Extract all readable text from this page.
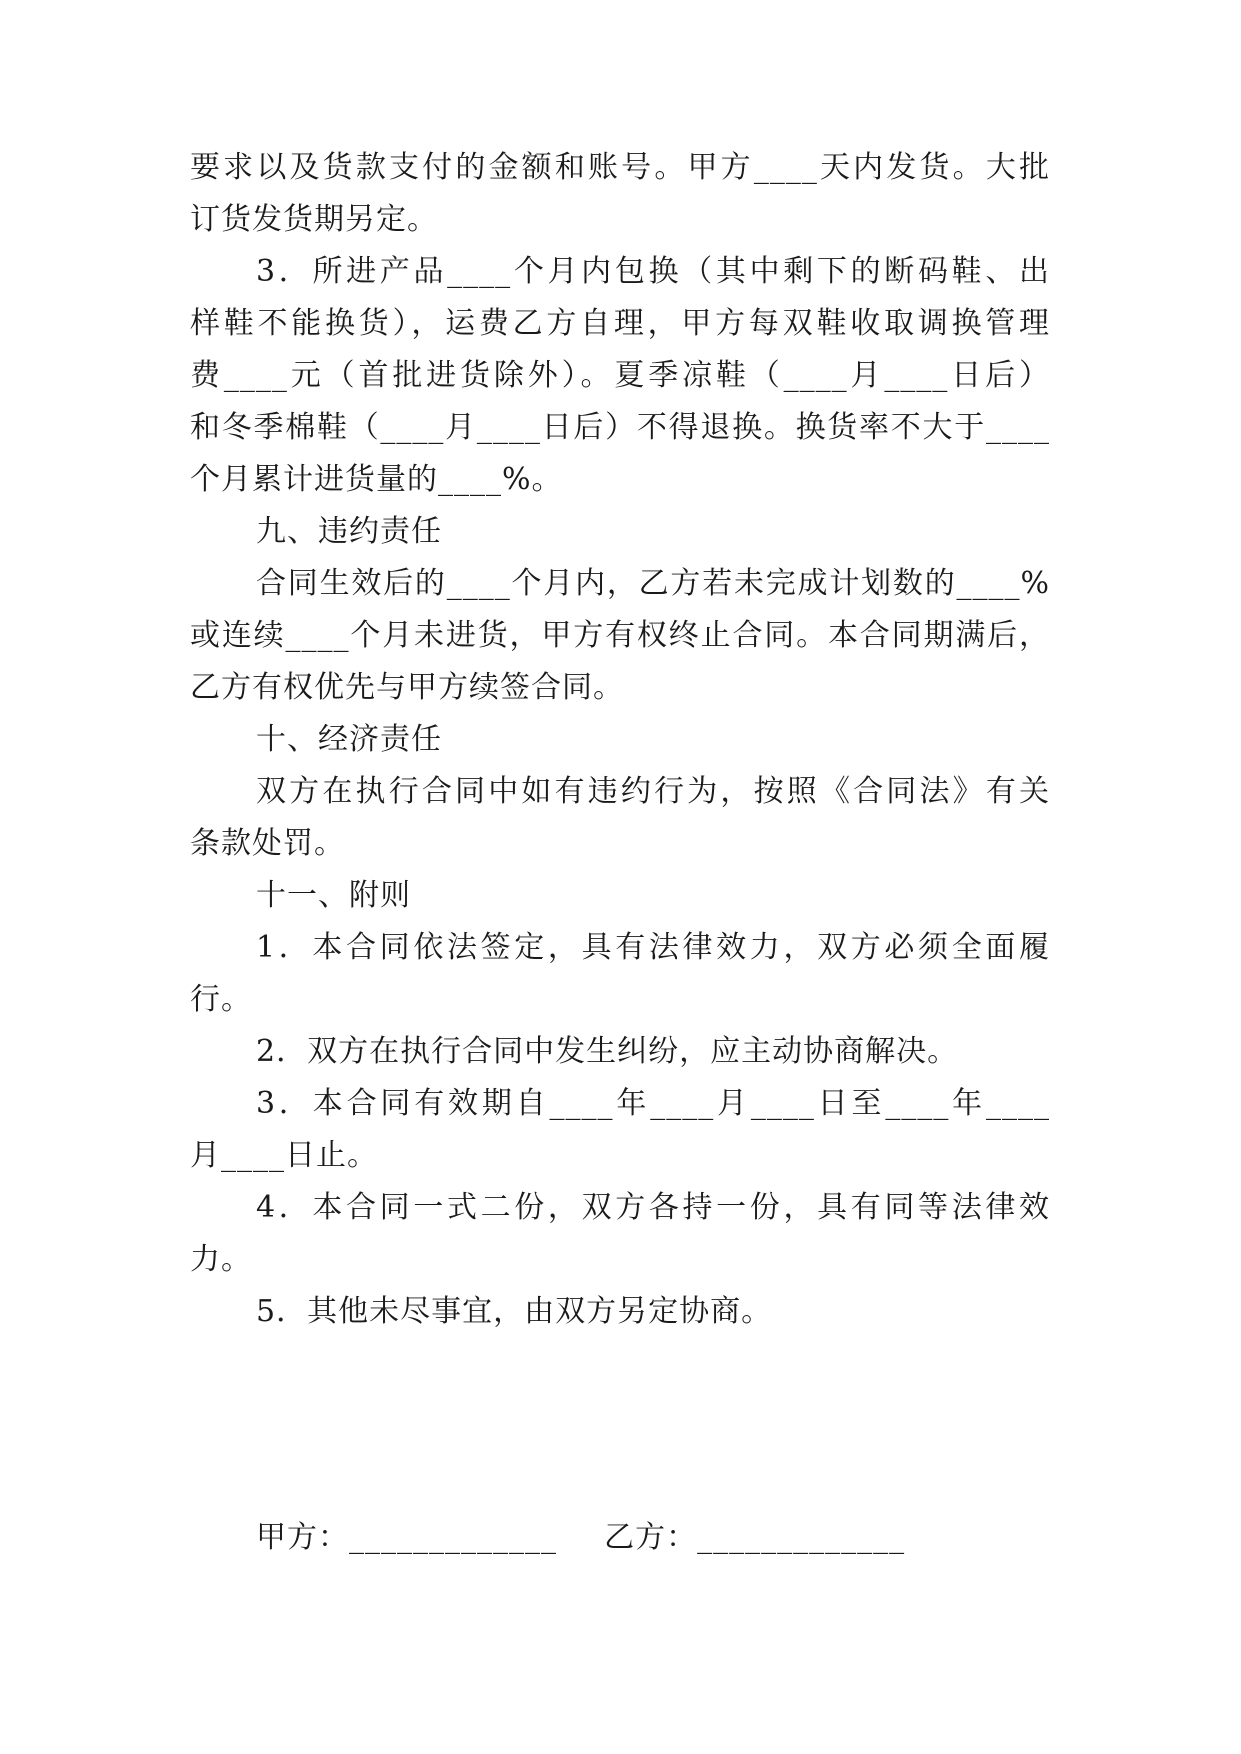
要求以及货款支付的金额和账号。甲方____天内发货。大批
订货发货期另定。
3．所进产品____个月内包换（其中剩下的断码鞋、出
样鞋不能换货），运费乙方自理，甲方每双鞋收取调换管理
费____元（首批进货除外）。夏季凉鞋（____月____日后）
和冬季棉鞋（____月____日后）不得退换。换货率不大于____
个月累计进货量的____%。
九、违约责任
合同生效后的____个月内，乙方若未完成计划数的____%
或连续____个月未进货，甲方有权终止合同。本合同期满后，
乙方有权优先与甲方续签合同。
十、经济责任
双方在执行合同中如有违约行为，按照《合同法》有关
条款处罚。
十一、附则
1．本合同依法签定，具有法律效力，双方必须全面履
行。
2．双方在执行合同中发生纠纷，应主动协商解决。
3．本合同有效期自____年____月____日至____年____
月____日止。
4．本合同一式二份，双方各持一份，具有同等法律效
力。
5．其他未尽事宜，由双方另定协商。
甲方：_____________ 乙方：_____________
